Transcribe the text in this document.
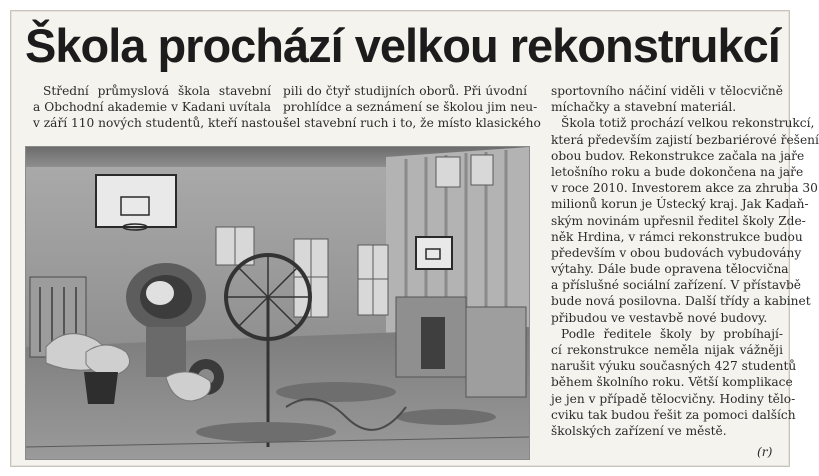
Škola prochází velkou rekonstrukcí
Střední průmyslová škola stavební
a Obchodní akademie v Kadani uvítala
v září 110 nových studentů, kteří nastou-
pili do čtyř studijních oborů. Při úvodní
prohlídce a seznámení se školou jim neu-
šel stavební ruch i to, že místo klasického
sportovního náčiní viděli v tělocvičně
míchačky a stavební materiál.
Škola totiž prochází velkou rekonstrukcí,
která především zajistí bezbariérové řešení
obou budov. Rekonstrukce začala na jaře
letošního roku a bude dokončena na jaře
v roce 2010. Investorem akce za zhruba 30
milionů korun je Ústecký kraj. Jak Kadaň-
ským novinám upřesnil ředitel školy Zde-
něk Hrdina, v rámci rekonstrukce budou
především v obou budovách vybudovány
výtahy. Dále bude opravena tělocvična
a příslušné sociální zařízení. V přístavbě
bude nová posilovna. Další třídy a kabinet
přibudou ve vestavbě nové budovy.
Podle ředitele školy by probíhají-
cí rekonstrukce neměla nijak vážněji
narušit výuku současných 427 studentů
během školního roku. Větší komplikace
je jen v případě tělocvičny. Hodiny tělo-
cviku tak budou řešit za pomoci dalších
školských zařízení ve městě.
(r)
